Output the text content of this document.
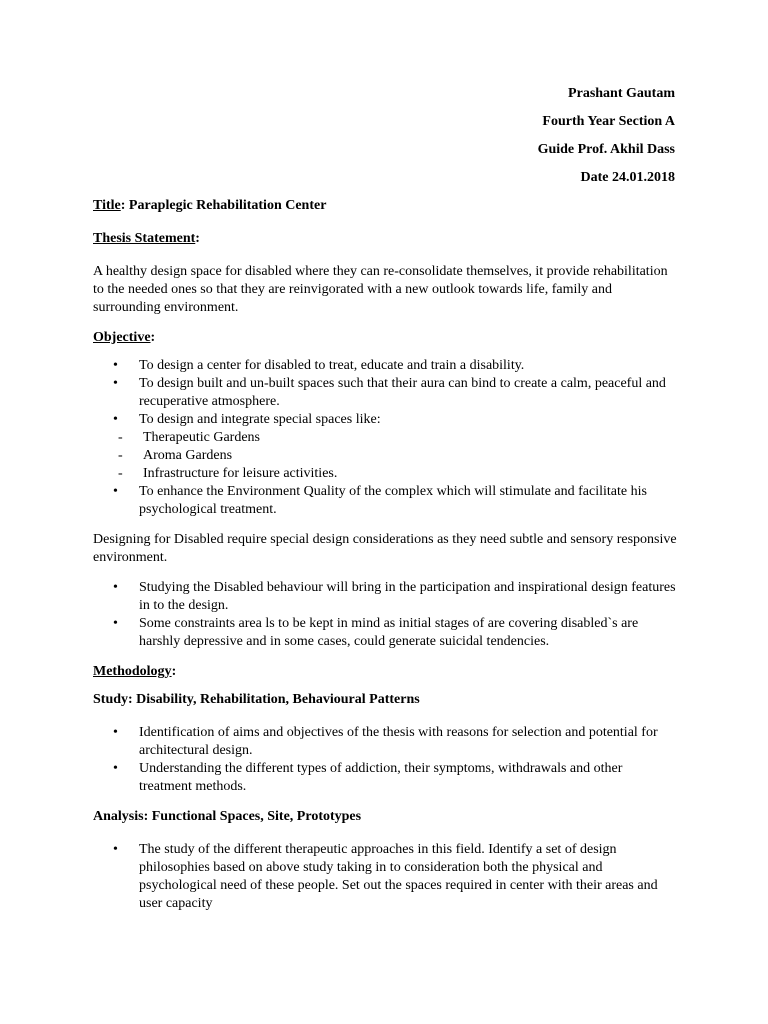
Prashant Gautam
Fourth Year Section A
Guide Prof. Akhil Dass
Date 24.01.2018
Title: Paraplegic Rehabilitation Center
Thesis Statement:

A healthy design space for disabled where they can re-consolidate themselves, it provide rehabilitation to the needed ones so that they are reinvigorated with a new outlook towards life, family and surrounding environment.

Objective:
• To design a center for disabled to treat, educate and train a disability.
• To design built and un-built spaces such that their aura can bind to create a calm, peaceful and recuperative atmosphere.
• To design and integrate special spaces like:
- Therapeutic Gardens
- Aroma Gardens
- Infrastructure for leisure activities.
• To enhance the Environment Quality of the complex which will stimulate and facilitate his psychological treatment.

Designing for Disabled require special design considerations as they need subtle and sensory responsive environment.

• Studying the Disabled behaviour will bring in the participation and inspirational design features in to the design.
• Some constraints area ls to be kept in mind as initial stages of are covering disabled`s are harshly depressive and in some cases, could generate suicidal tendencies.
Methodology:
Study: Disability, Rehabilitation, Behavioural Patterns
• Identification of aims and objectives of the thesis with reasons for selection and potential for architectural design.
• Understanding the different types of addiction, their symptoms, withdrawals and other treatment methods.
Analysis: Functional Spaces, Site, Prototypes
• The study of the different therapeutic approaches in this field. Identify a set of design philosophies based on above study taking in to consideration both the physical and psychological need of these people. Set out the spaces required in center with their areas and user capacity
